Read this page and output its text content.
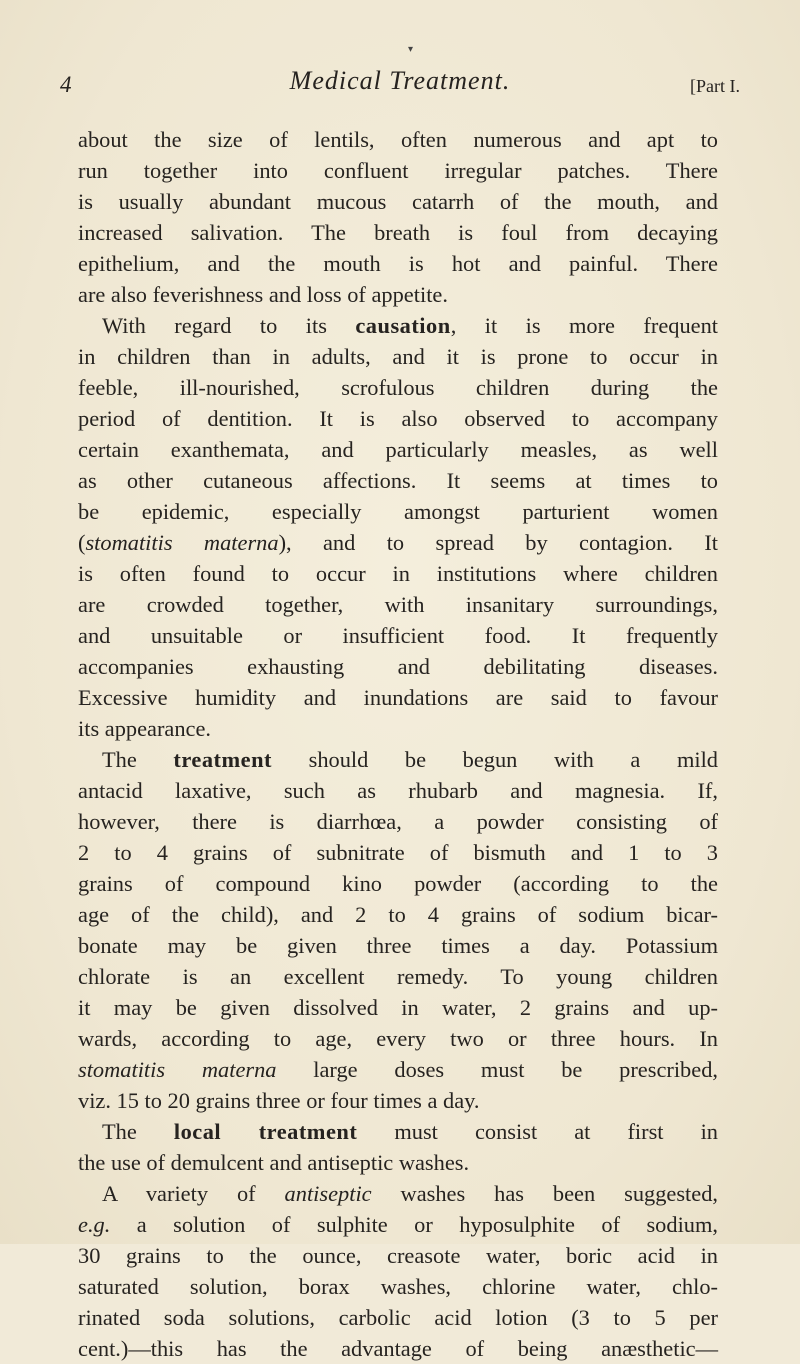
▾
4	Medical Treatment.	[Part I.
about the size of lentils, often numerous and apt to
run together into confluent irregular patches. There
is usually abundant mucous catarrh of the mouth, and
increased salivation. The breath is foul from decaying
epithelium, and the mouth is hot and painful. There
are also feverishness and loss of appetite.
With regard to its causation, it is more frequent
in children than in adults, and it is prone to occur in
feeble, ill-nourished, scrofulous children during the
period of dentition. It is also observed to accompany
certain exanthemata, and particularly measles, as well
as other cutaneous affections. It seems at times to
be epidemic, especially amongst parturient women
(stomatitis materna), and to spread by contagion. It
is often found to occur in institutions where children
are crowded together, with insanitary surroundings,
and unsuitable or insufficient food. It frequently
accompanies exhausting and debilitating diseases.
Excessive humidity and inundations are said to favour
its appearance.
The treatment should be begun with a mild
antacid laxative, such as rhubarb and magnesia. If,
however, there is diarrhœa, a powder consisting of
2 to 4 grains of subnitrate of bismuth and 1 to 3
grains of compound kino powder (according to the
age of the child), and 2 to 4 grains of sodium bicar-
bonate may be given three times a day. Potassium
chlorate is an excellent remedy. To young children
it may be given dissolved in water, 2 grains and up-
wards, according to age, every two or three hours. In
stomatitis materna large doses must be prescribed,
viz. 15 to 20 grains three or four times a day.
The local treatment must consist at first in
the use of demulcent and antiseptic washes.
A variety of antiseptic washes has been suggested,
e.g. a solution of sulphite or hyposulphite of sodium,
30 grains to the ounce, creasote water, boric acid in
saturated solution, borax washes, chlorine water, chlo-
rinated soda solutions, carbolic acid lotion (3 to 5 per
cent.)—this has the advantage of being anæsthetic—
